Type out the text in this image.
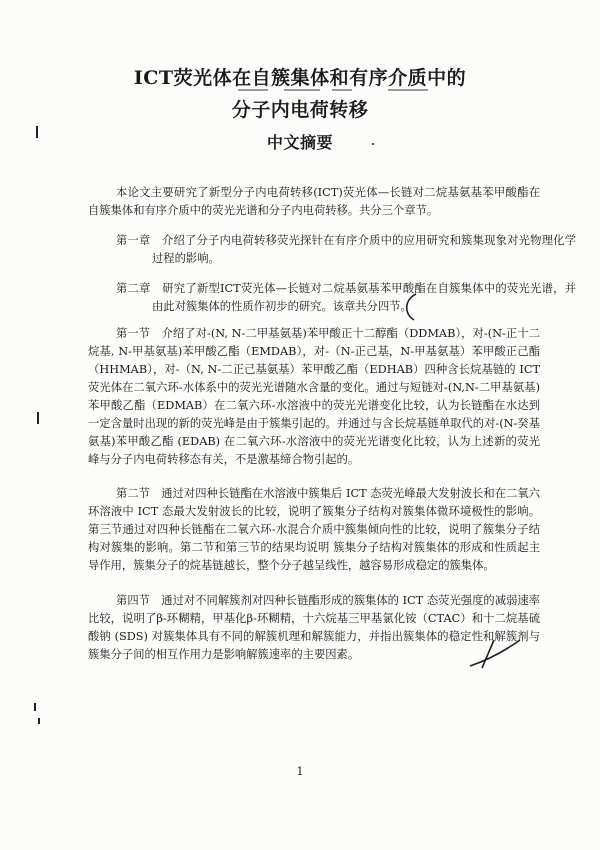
ICT荧光体在自簇集体和有序介质中的
分子内电荷转移
中文摘要

本论文主要研究了新型分子内电荷转移(ICT)荧光体—长链对二烷基氨基苯甲酸酯在自簇集体和有序介质中的荧光光谱和分子内电荷转移。共分三个章节。

第一章　介绍了分子内电荷转移荧光探针在有序介质中的应用研究和簇集现象对光物理化学过程的影响。

第二章　研究了新型ICT荧光体—长链对二烷基氨基苯甲酸酯在自簇集体中的荧光光谱，并由此对簇集体的性质作初步的研究。该章共分四节。

第一节　介绍了对-(N, N-二甲基氨基)苯甲酸正十二醇酯（DDMAB），对-(N-正十二烷基, N-甲基氨基)苯甲酸乙酯（EMDAB），对-（N-正己基，N-甲基氨基）苯甲酸正己酯（HHMAB），对-（N, N-二正己基氨基）苯甲酸乙酯（EDHAB）四种含长烷基链的 ICT 荧光体在二氧六环-水体系中的荧光光谱随水含量的变化。通过与短链对-(N,N-二甲基氨基)苯甲酸乙酯（EDMAB）在二氧六环-水溶液中的荧光光谱变化比较，认为长链酯在水达到一定含量时出现的新的荧光峰是由于簇集引起的。并通过与含长烷基链单取代的对-(N-癸基氨基)苯甲酸乙酯 (EDAB) 在二氧六环-水溶液中的荧光光谱变化比较，认为上述新的荧光峰与分子内电荷转移态有关，不是激基缔合物引起的。

第二节　通过对四种长链酯在水溶液中簇集后 ICT 态荧光峰最大发射波长和在二氧六环溶液中 ICT 态最大发射波长的比较，说明了簇集分子结构对簇集体微环境极性的影响。第三节通过对四种长链酯在二氧六环-水混合介质中簇集倾向性的比较，说明了簇集分子结构对簇集的影响。第二节和第三节的结果均说明 簇集分子结构对簇集体的形成和性质起主导作用，簇集分子的烷基链越长，整个分子越呈线性，越容易形成稳定的簇集体。

第四节　通过对不同解簇剂对四种长链酯形成的簇集体的 ICT 态荧光强度的减弱速率比较，说明了β-环糊精，甲基化β-环糊精，十六烷基三甲基氯化铵（CTAC）和十二烷基硫酸钠 (SDS) 对簇集体具有不同的解簇机理和解簇能力，并指出簇集体的稳定性和解簇剂与簇集分子间的相互作用力是影响解簇速率的主要因素。

1
